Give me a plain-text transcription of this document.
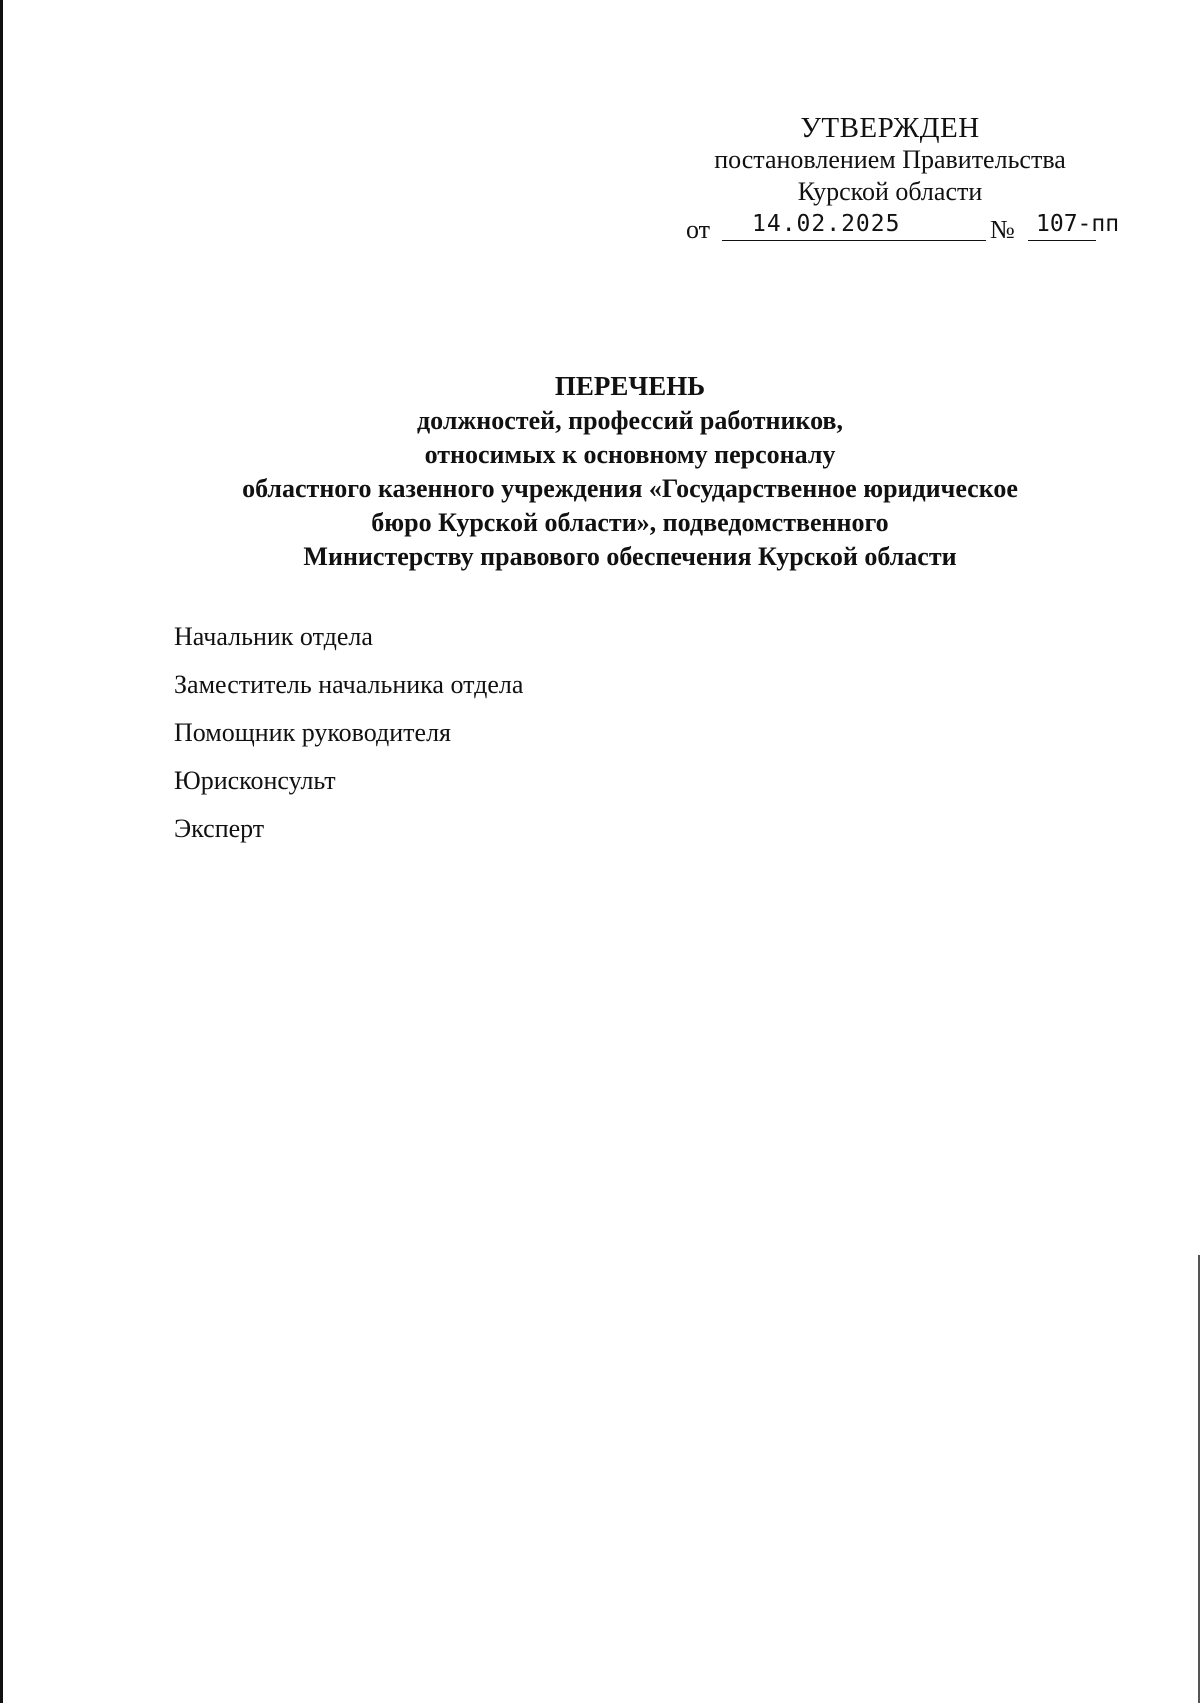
УТВЕРЖДЕН
постановлением Правительства
Курской области
от 14.02.2025	№ 107-пп
ПЕРЕЧЕНЬ
должностей, профессий работников,
относимых к основному персоналу
областного казенного учреждения «Государственное юридическое
бюро Курской области», подведомственного
Министерству правового обеспечения Курской области
Начальник отдела
Заместитель начальника отдела
Помощник руководителя
Юрисконсульт
Эксперт
